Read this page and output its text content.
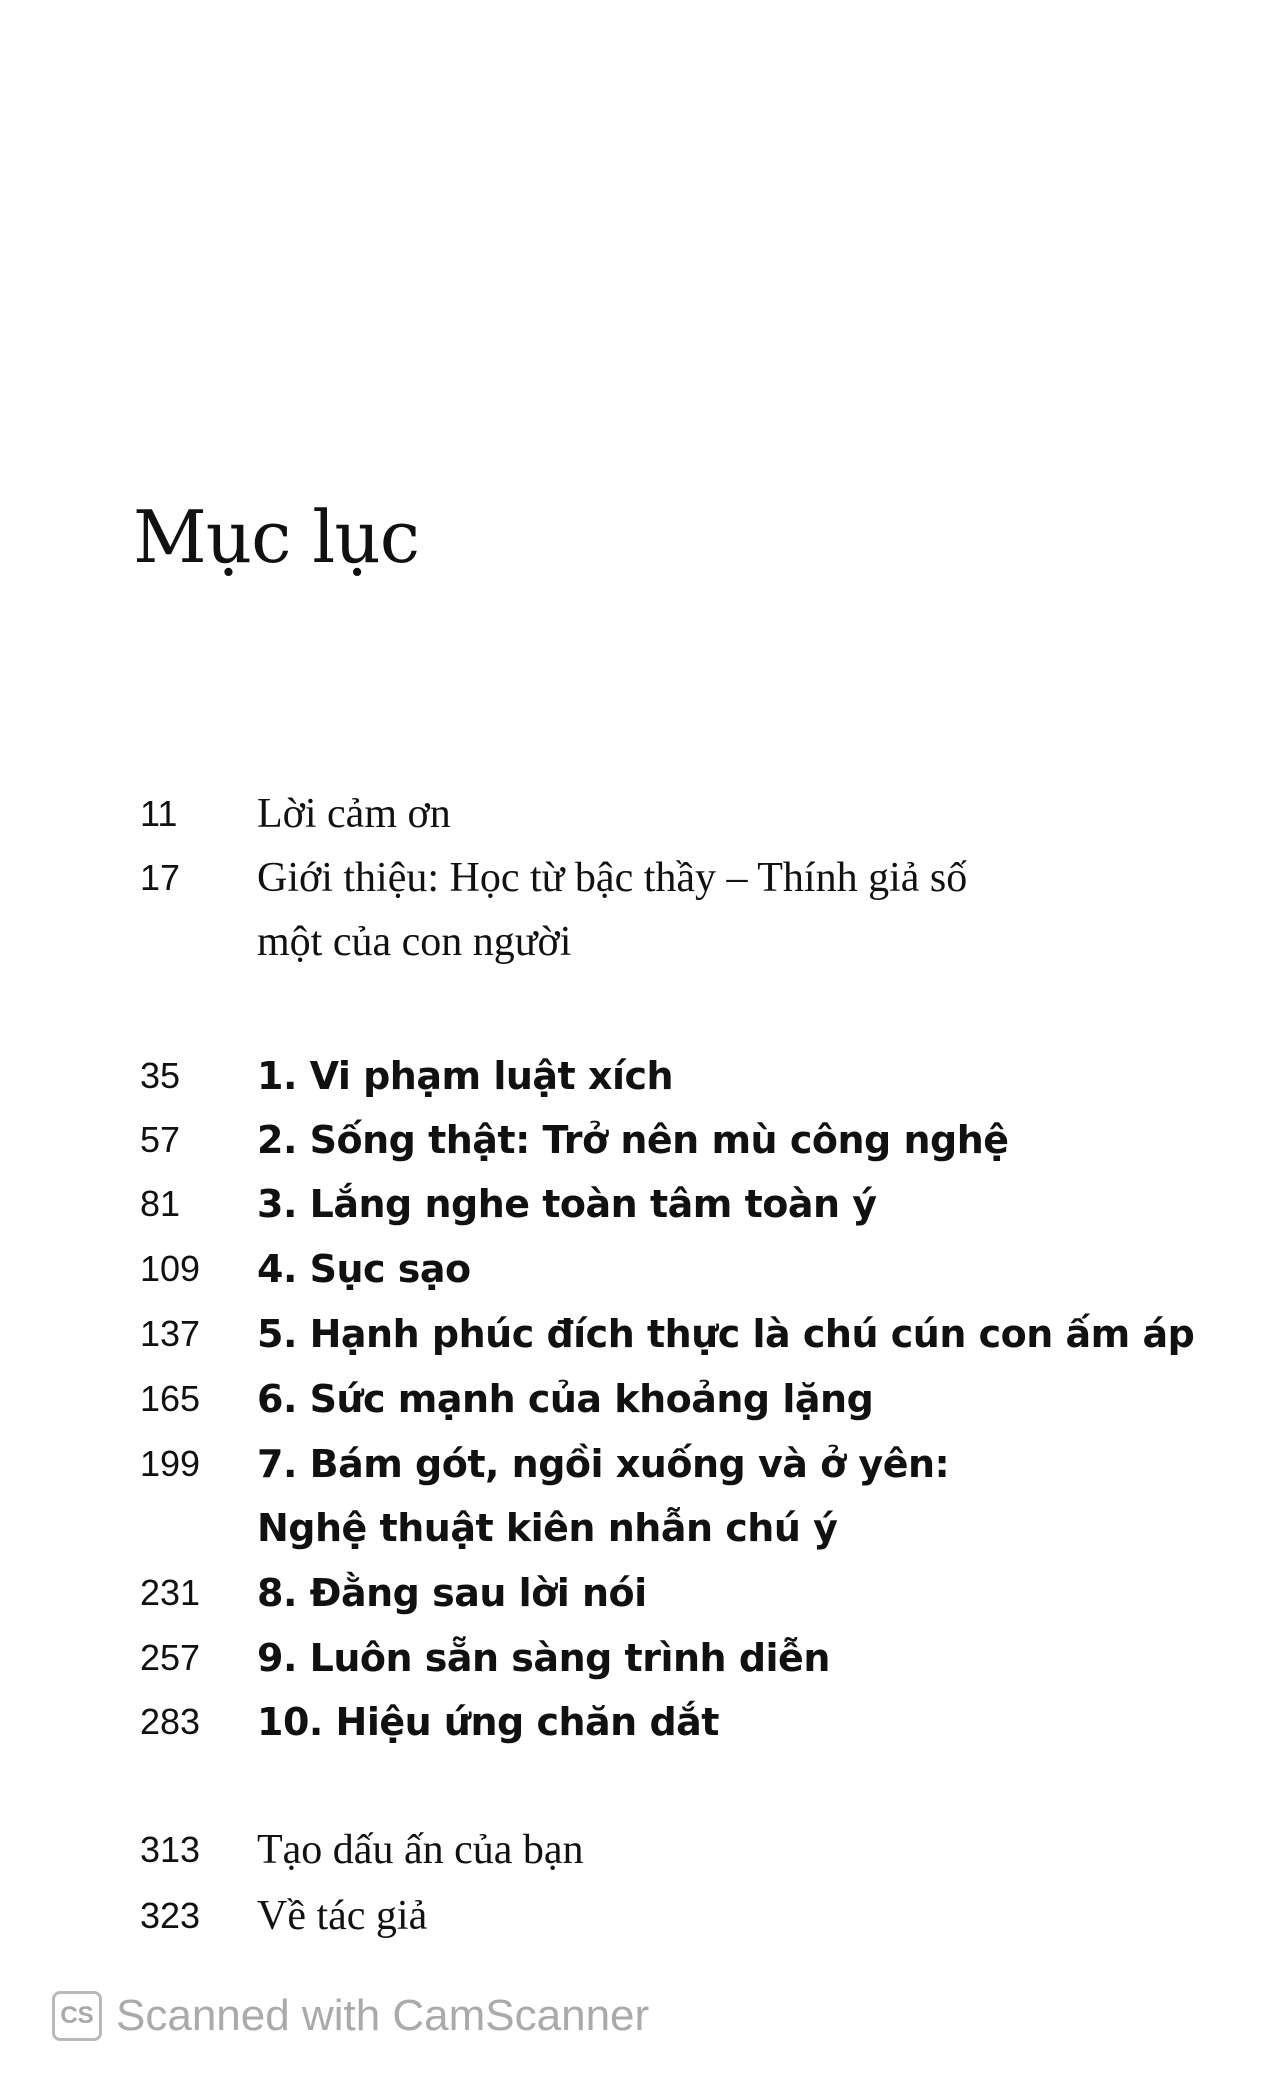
Mục lục
11	Lời cảm ơn
17	Giới thiệu: Học từ bậc thầy – Thính giả số
một của con người
35	1. Vi phạm luật xích
57	2. Sống thật: Trở nên mù công nghệ
81	3. Lắng nghe toàn tâm toàn ý
109	4. Sục sạo
137	5. Hạnh phúc đích thực là chú cún con ấm áp
165	6. Sức mạnh của khoảng lặng
199	7. Bám gót, ngồi xuống và ở yên:
Nghệ thuật kiên nhẫn chú ý
231	8. Đằng sau lời nói
257	9. Luôn sẵn sàng trình diễn
283	10. Hiệu ứng chăn dắt
313	Tạo dấu ấn của bạn
323	Về tác giả
CS Scanned with CamScanner
